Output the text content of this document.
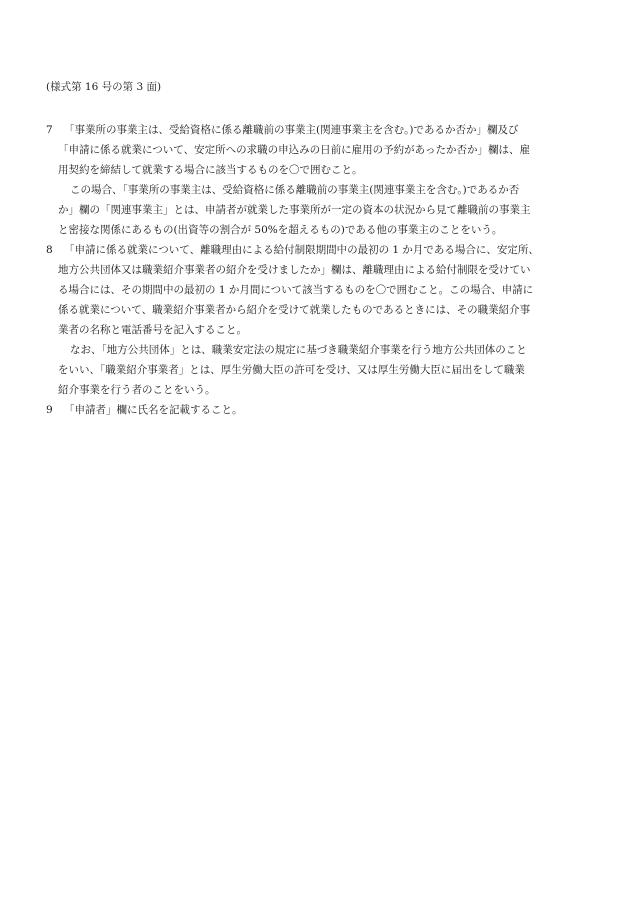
(様式第 16 号の第 3 面)
7 「事業所の事業主は、受給資格に係る離職前の事業主(関連事業主を含む。)であるか否か」欄及び
「申請に係る就業について、安定所への求職の申込みの日前に雇用の予約があったか否か」欄は、雇
用契約を締結して就業する場合に該当するものを〇で囲むこと。
この場合、「事業所の事業主は、受給資格に係る離職前の事業主(関連事業主を含む。)であるか否
か」欄の「関連事業主」とは、申請者が就業した事業所が一定の資本の状況から見て離職前の事業主
と密接な関係にあるもの(出資等の割合が 50%を超えるもの)である他の事業主のことをいう。
8 「申請に係る就業について、離職理由による給付制限期間中の最初の 1 か月である場合に、安定所、
地方公共団体又は職業紹介事業者の紹介を受けましたか」欄は、離職理由による給付制限を受けてい
る場合には、その期間中の最初の 1 か月間について該当するものを〇で囲むこと。この場合、申請に
係る就業について、職業紹介事業者から紹介を受けて就業したものであるときには、その職業紹介事
業者の名称と電話番号を記入すること。
なお、「地方公共団体」とは、職業安定法の規定に基づき職業紹介事業を行う地方公共団体のこと
をいい、「職業紹介事業者」とは、厚生労働大臣の許可を受け、又は厚生労働大臣に届出をして職業
紹介事業を行う者のことをいう。
9 「申請者」欄に氏名を記載すること。
